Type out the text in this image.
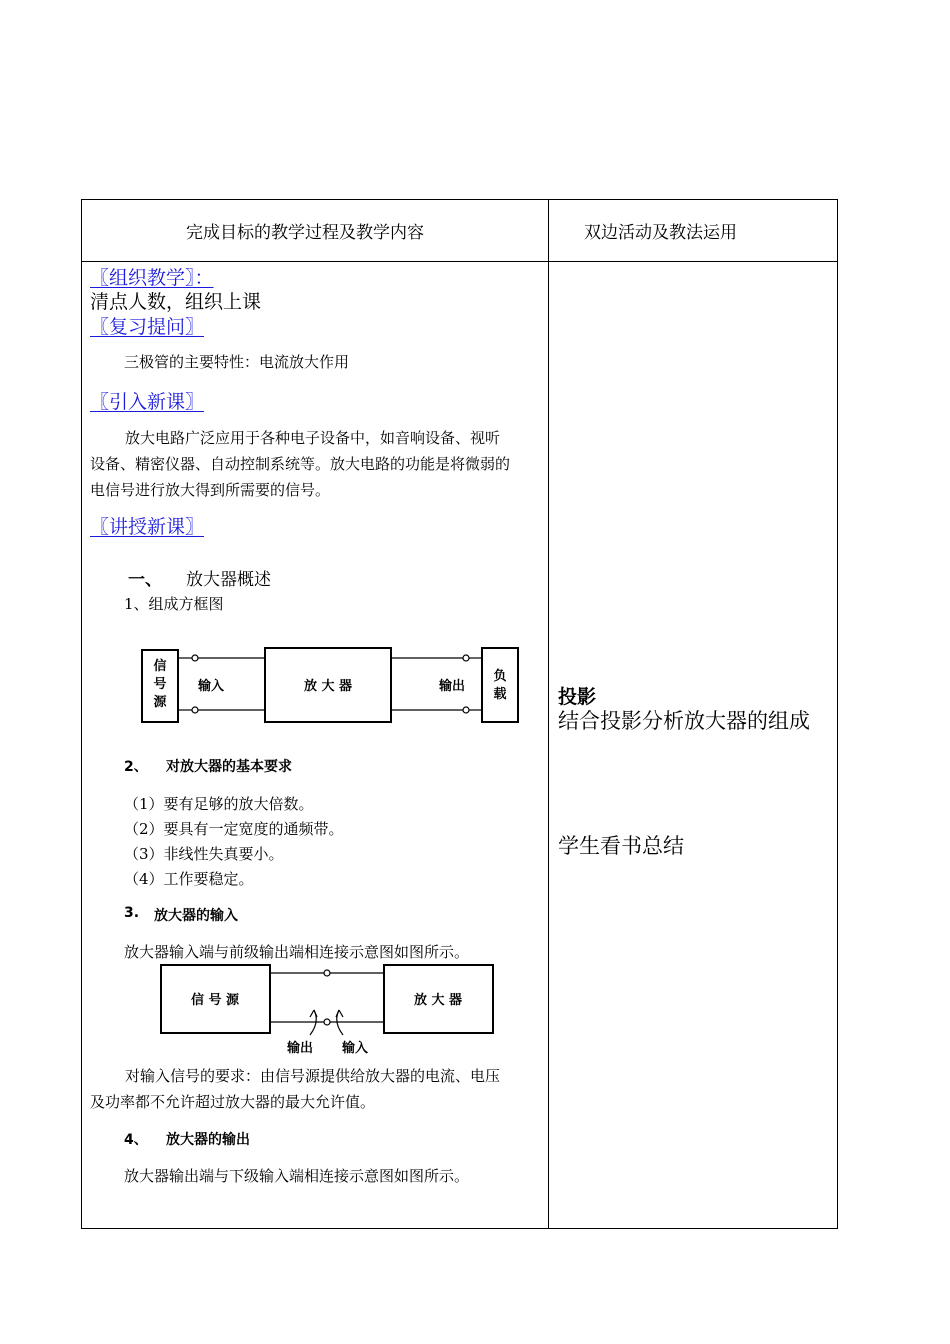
完成目标的教学过程及教学内容	双边活动及教法运用
〖组织教学〗：
清点人数，组织上课
〖复习提问〗
三极管的主要特性：电流放大作用
〖引入新课〗
放大电路广泛应用于各种电子设备中，如音响设备、视听
设备、精密仪器、自动控制系统等。放大电路的功能是将微弱的
电信号进行放大得到所需要的信号。
〖讲授新课〗
一、 放大器概述
1、组成方框图
信
号
源
输入	放 大 器	输出
负
载
2、 对放大器的基本要求
（1）要有足够的放大倍数。
（2）要具有一定宽度的通频带。
（3）非线性失真要小。
（4）工作要稳定。
3. 放大器的输入
放大器输入端与前级输出端相连接示意图如图所示。
信 号 源	放 大 器
输出 输入
对输入信号的要求：由信号源提供给放大器的电流、电压
及功率都不允许超过放大器的最大允许值。
4、 放大器的输出
放大器输出端与下级输入端相连接示意图如图所示。
投影
结合投影分析放大器的组成
学生看书总结
